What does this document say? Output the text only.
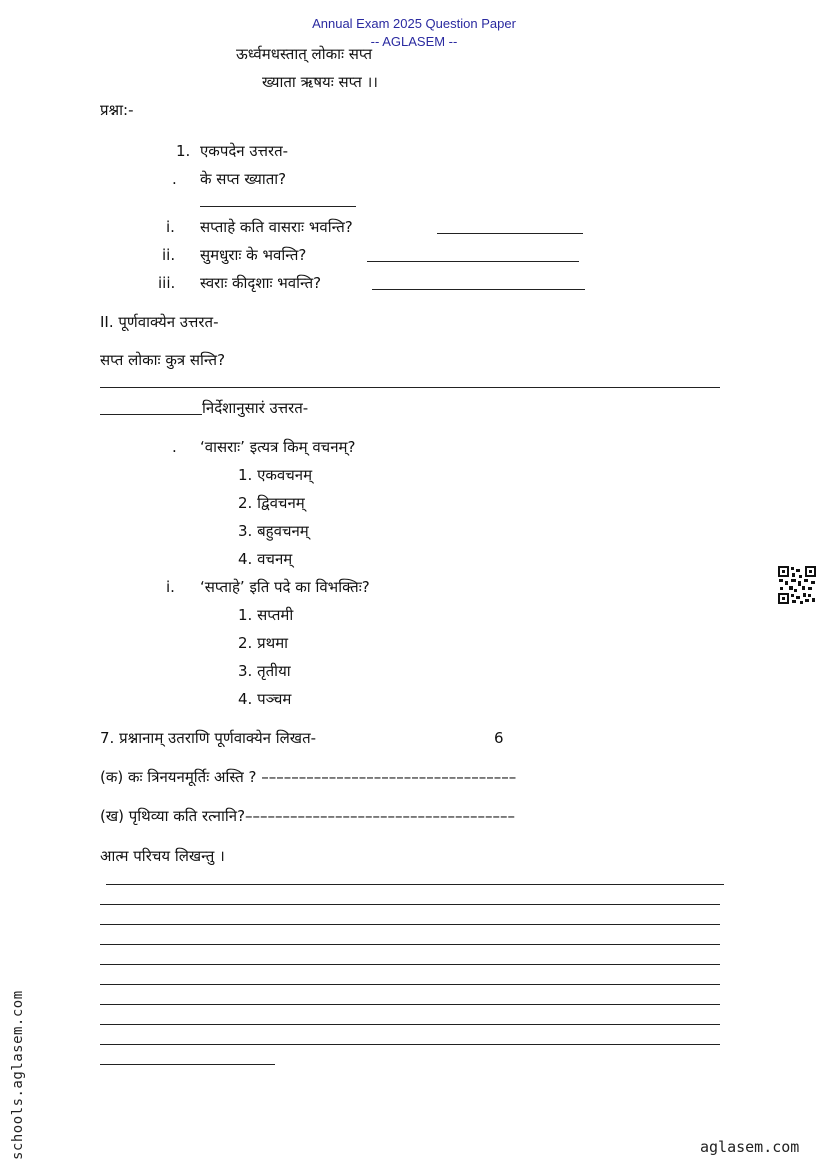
Annual Exam 2025 Question Paper
-- AGLASEM --
ऊर्ध्वमधस्तात् लोकाः सप्त
ख्याता ऋषयः सप्त ।।
प्रश्ना:-
1. एकपदेन उत्तरत-
. के सप्त ख्याता?
i. सप्ताहे कति वासराः भवन्ति?
ii. सुमधुराः के भवन्ति?
iii. स्वराः कीदृशाः भवन्ति?
II. पूर्णवाक्येन उत्तरत-
सप्त लोकाः कुत्र सन्ति?
निर्देशानुसारं उत्तरत-
. ‘वासराः’ इत्यत्र किम् वचनम्?
1. एकवचनम्
2. द्विवचनम्
3. बहुवचनम्
4. वचनम्
i. ‘सप्ताहे’ इति पदे का विभक्तिः?
1. सप्तमी
2. प्रथमा
3. तृतीया
4. पञ्चम
7. प्रश्नानाम् उतराणि पूर्णवाक्येन लिखत-	6
(क) कः त्रिनयनमूर्तिः अस्ति ? ––––––––––––––––––––––––––––––––––
(ख) पृथिव्या कति रत्नानि?––––––––––––––––––––––––––––––––––––
आत्म परिचय लिखन्तु ।
schools.aglasem.com	aglasem.com
